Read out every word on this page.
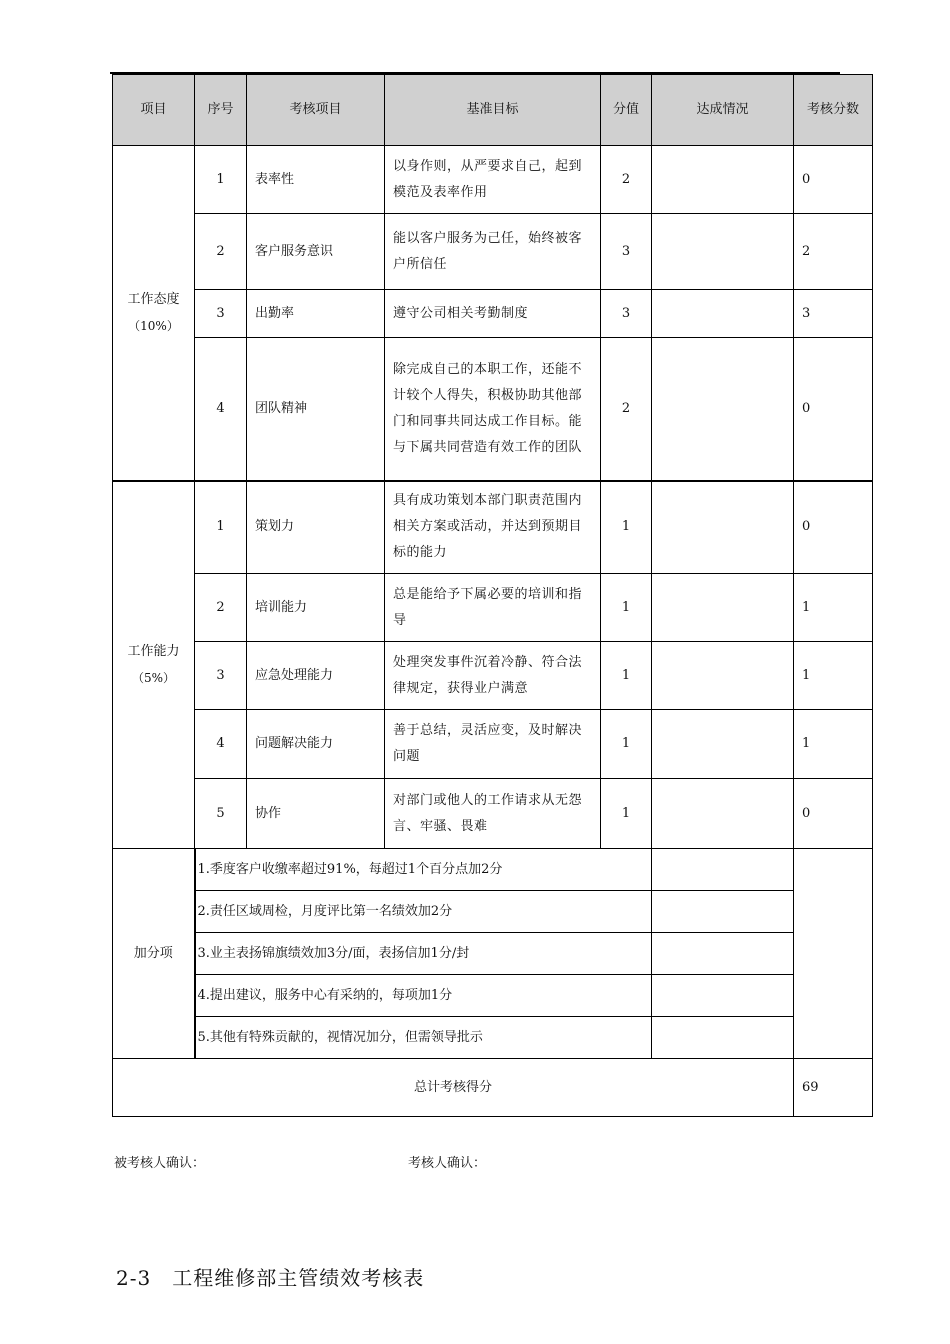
项目	序号	考核项目	基准目标	分值	达成情况	考核分数

工作态度
（10%）	1	表率性	以身作则，从严要求自己，起到模范及表率作用	2		0
	2	客户服务意识	能以客户服务为己任，始终被客户所信任	3		2
	3	出勤率	遵守公司相关考勤制度	3		3
	4	团队精神	除完成自己的本职工作，还能不计较个人得失，积极协助其他部门和同事共同达成工作目标。能与下属共同营造有效工作的团队	2		0

工作能力
（5%）	1	策划力	具有成功策划本部门职责范围内相关方案或活动，并达到预期目标的能力	1		0
	2	培训能力	总是能给予下属必要的培训和指导	1		1
	3	应急处理能力	处理突发事件沉着冷静、符合法律规定，获得业户满意	1		1
	4	问题解决能力	善于总结，灵活应变，及时解决问题	1		1
	5	协作	对部门或他人的工作请求从无怨言、牢骚、畏难	1		0
加分项	1.季度客户收缴率超过91%，每超过1个百分点加2分					
	2.责任区域周检，月度评比第一名绩效加2分					
	3.业主表扬锦旗绩效加3分/面，表扬信加1分/封					
	4.提出建议，服务中心有采纳的，每项加1分					
	5.其他有特殊贡献的，视情况加分，但需领导批示					
总计考核得分						69
被考核人确认：	考核人确认：
2-3　工程维修部主管绩效考核表
